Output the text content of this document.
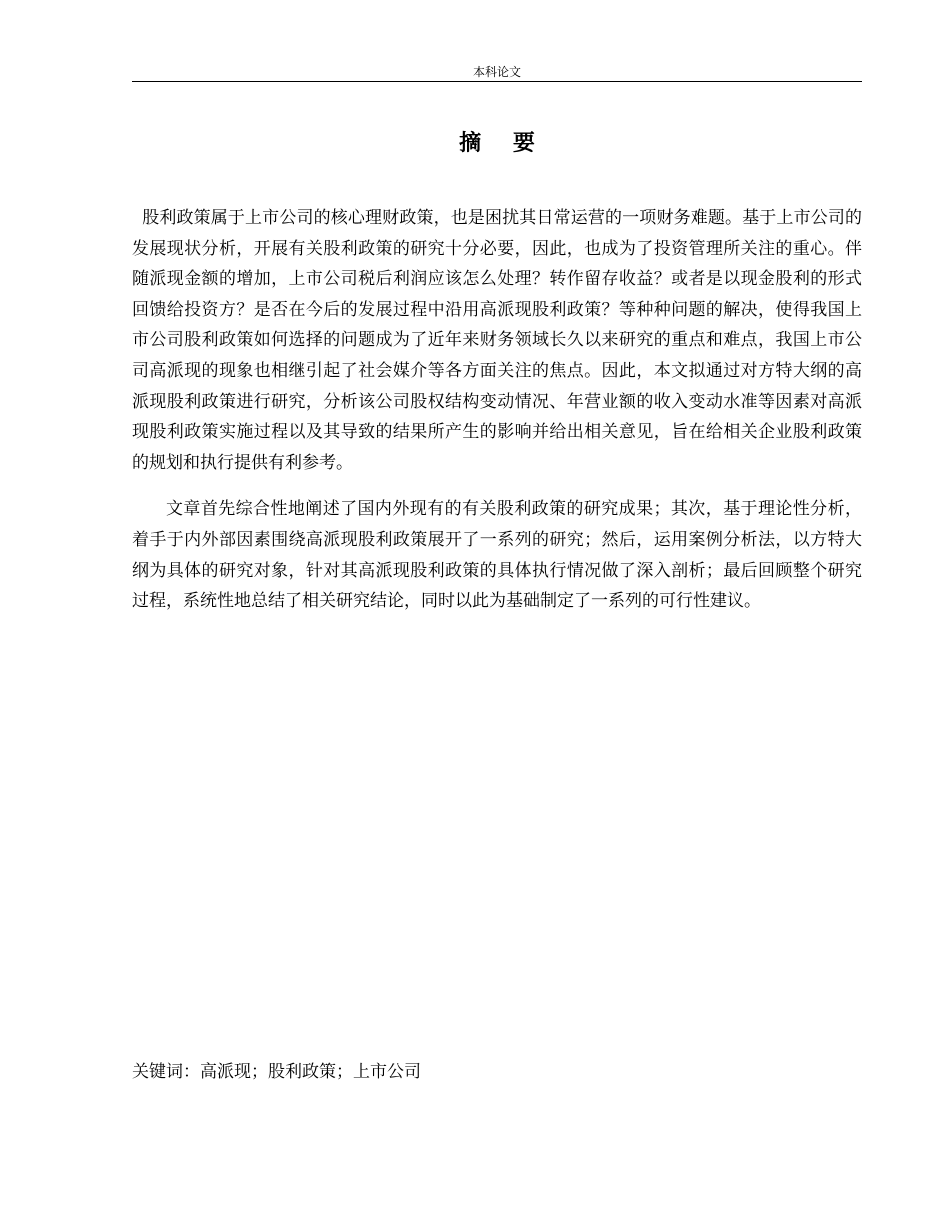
本科论文
摘 要

股利政策属于上市公司的核心理财政策，也是困扰其日常运营的一项财务难题。基于上市公司的发展现状分析，开展有关股利政策的研究十分必要，因此，也成为了投资管理所关注的重心。伴随派现金额的增加，上市公司税后利润应该怎么处理？转作留存收益？或者是以现金股利的形式回馈给投资方？是否在今后的发展过程中沿用高派现股利政策？等种种问题的解决，使得我国上市公司股利政策如何选择的问题成为了近年来财务领域长久以来研究的重点和难点，我国上市公司高派现的现象也相继引起了社会媒介等各方面关注的焦点。因此，本文拟通过对方特大纲的高派现股利政策进行研究，分析该公司股权结构变动情况、年营业额的收入变动水准等因素对高派现股利政策实施过程以及其导致的结果所产生的影响并给出相关意见，旨在给相关企业股利政策的规划和执行提供有利参考。

文章首先综合性地阐述了国内外现有的有关股利政策的研究成果；其次，基于理论性分析，着手于内外部因素围绕高派现股利政策展开了一系列的研究；然后，运用案例分析法，以方特大纲为具体的研究对象，针对其高派现股利政策的具体执行情况做了深入剖析；最后回顾整个研究过程，系统性地总结了相关研究结论，同时以此为基础制定了一系列的可行性建议。

关键词：高派现；股利政策；上市公司
